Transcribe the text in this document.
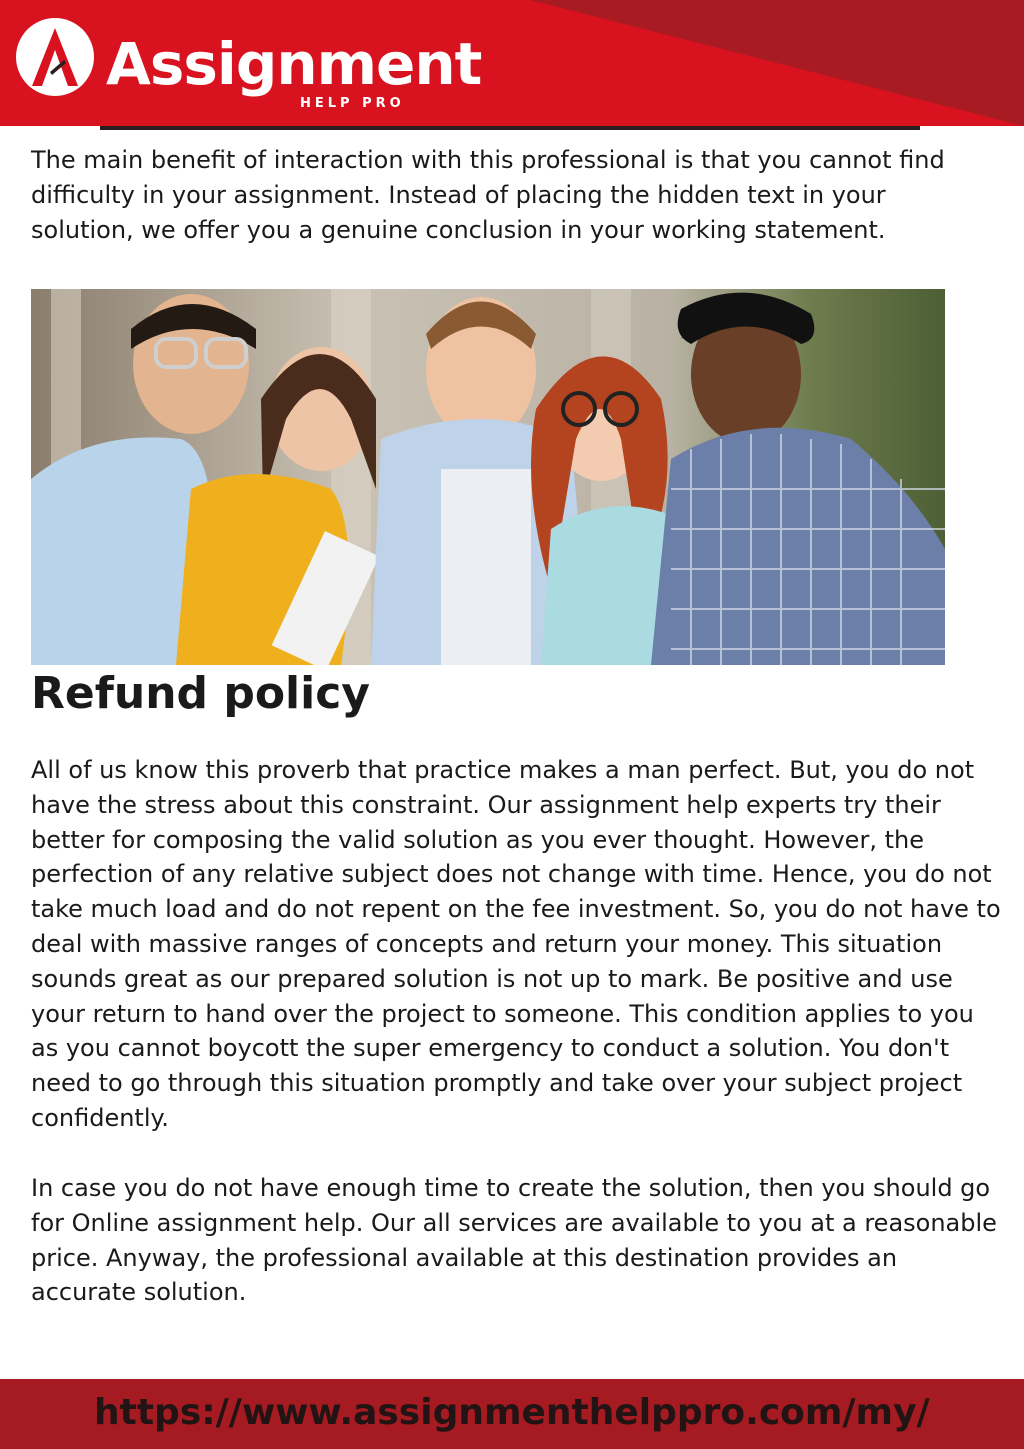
Assignment
HELP PRO

The main benefit of interaction with this professional is that you cannot find difficulty in your assignment. Instead of placing the hidden text in your solution, we offer you a genuine conclusion in your working statement.

Refund policy

All of us know this proverb that practice makes a man perfect. But, you do not have the stress about this constraint. Our assignment help experts try their better for composing the valid solution as you ever thought. However, the perfection of any relative subject does not change with time. Hence, you do not take much load and do not repent on the fee investment. So, you do not have to deal with massive ranges of concepts and return your money. This situation sounds great as our prepared solution is not up to mark. Be positive and use your return to hand over the project to someone. This condition applies to you as you cannot boycott the super emergency to conduct a solution. You don't need to go through this situation promptly and take over your subject project confidently.

In case you do not have enough time to create the solution, then you should go for Online assignment help. Our all services are available to you at a reasonable price. Anyway, the professional available at this destination provides an accurate solution.

https://www.assignmenthelppro.com/my/
